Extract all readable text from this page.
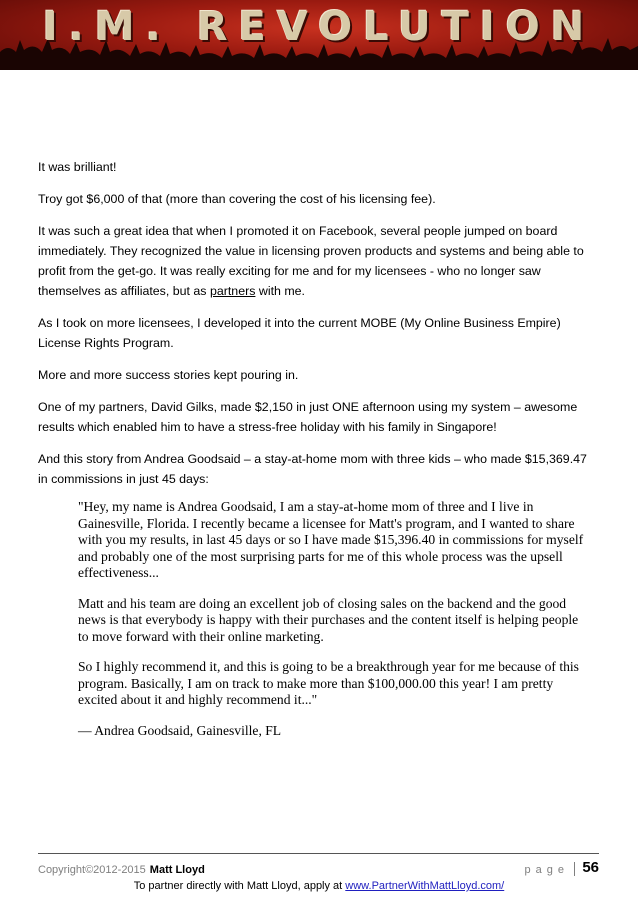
I.M. REVOLUTION

It was brilliant!

Troy got $6,000 of that (more than covering the cost of his licensing fee).

It was such a great idea that when I promoted it on Facebook, several people jumped on board immediately. They recognized the value in licensing proven products and systems and being able to profit from the get-go. It was really exciting for me and for my licensees - who no longer saw themselves as affiliates, but as partners with me.

As I took on more licensees, I developed it into the current MOBE (My Online Business Empire) License Rights Program.

More and more success stories kept pouring in.

One of my partners, David Gilks, made $2,150 in just ONE afternoon using my system – awesome results which enabled him to have a stress-free holiday with his family in Singapore!

And this story from Andrea Goodsaid – a stay-at-home mom with three kids – who made $15,369.47 in commissions in just 45 days:

"Hey, my name is Andrea Goodsaid, I am a stay-at-home mom of three and I live in Gainesville, Florida. I recently became a licensee for Matt's program, and I wanted to share with you my results, in last 45 days or so I have made $15,396.40 in commissions for myself and probably one of the most surprising parts for me of this whole process was the upsell effectiveness...

Matt and his team are doing an excellent job of closing sales on the backend and the good news is that everybody is happy with their purchases and the content itself is helping people to move forward with their online marketing.

So I highly recommend it, and this is going to be a breakthrough year for me because of this program. Basically, I am on track to make more than $100,000.00 this year! I am pretty excited about it and highly recommend it..."

— Andrea Goodsaid, Gainesville, FL

Copyright©2012-2015 Matt Lloyd	page 56
To partner directly with Matt Lloyd, apply at www.PartnerWithMattLloyd.com/
